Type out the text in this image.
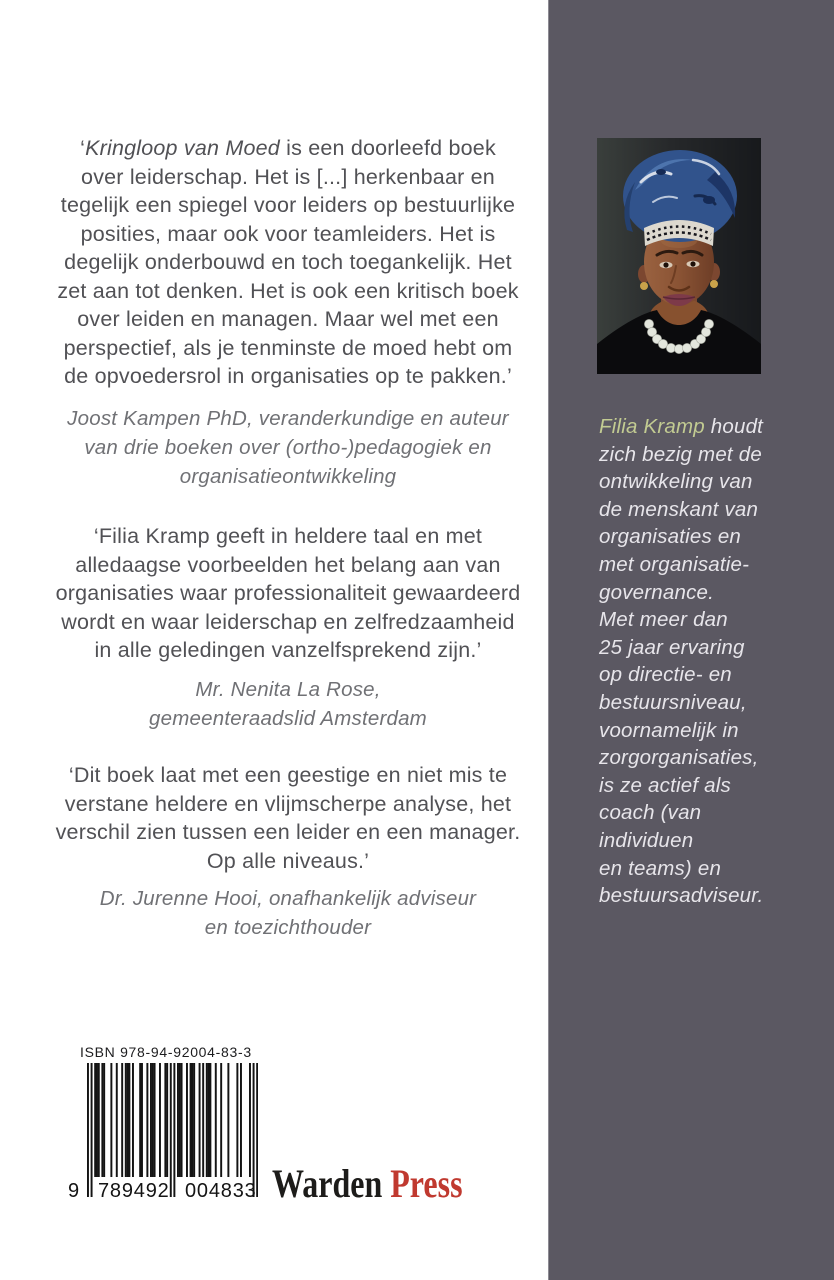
‘Kringloop van Moed is een doorleefd boek
over leiderschap. Het is [...] herkenbaar en
tegelijk een spiegel voor leiders op bestuurlijke
posities, maar ook voor teamleiders. Het is
degelijk onderbouwd en toch toegankelijk. Het
zet aan tot denken. Het is ook een kritisch boek
over leiden en managen. Maar wel met een
perspectief, als je tenminste de moed hebt om
de opvoedersrol in organisaties op te pakken.’
Joost Kampen PhD, veranderkundige en auteur
van drie boeken over (ortho-)pedagogiek en
organisatieontwikkeling
‘Filia Kramp geeft in heldere taal en met
alledaagse voorbeelden het belang aan van
organisaties waar professionaliteit gewaardeerd
wordt en waar leiderschap en zelfredzaamheid
in alle geledingen vanzelfsprekend zijn.’
Mr. Nenita La Rose,
gemeenteraadslid Amsterdam
‘Dit boek laat met een geestige en niet mis te
verstane heldere en vlijmscherpe analyse, het
verschil zien tussen een leider en een manager.
Op alle niveaus.’
Dr. Jurenne Hooi, onafhankelijk adviseur
en toezichthouder
ISBN 978-94-92004-83-3
9 789492 004833 Warden Press
Filia Kramp houdt
zich bezig met de
ontwikkeling van
de menskant van
organisaties en
met organisatie-
governance.
Met meer dan
25 jaar ervaring
op directie- en
bestuursniveau,
voornamelijk in
zorgorganisaties,
is ze actief als
coach (van
individuen
en teams) en
bestuursadviseur.
